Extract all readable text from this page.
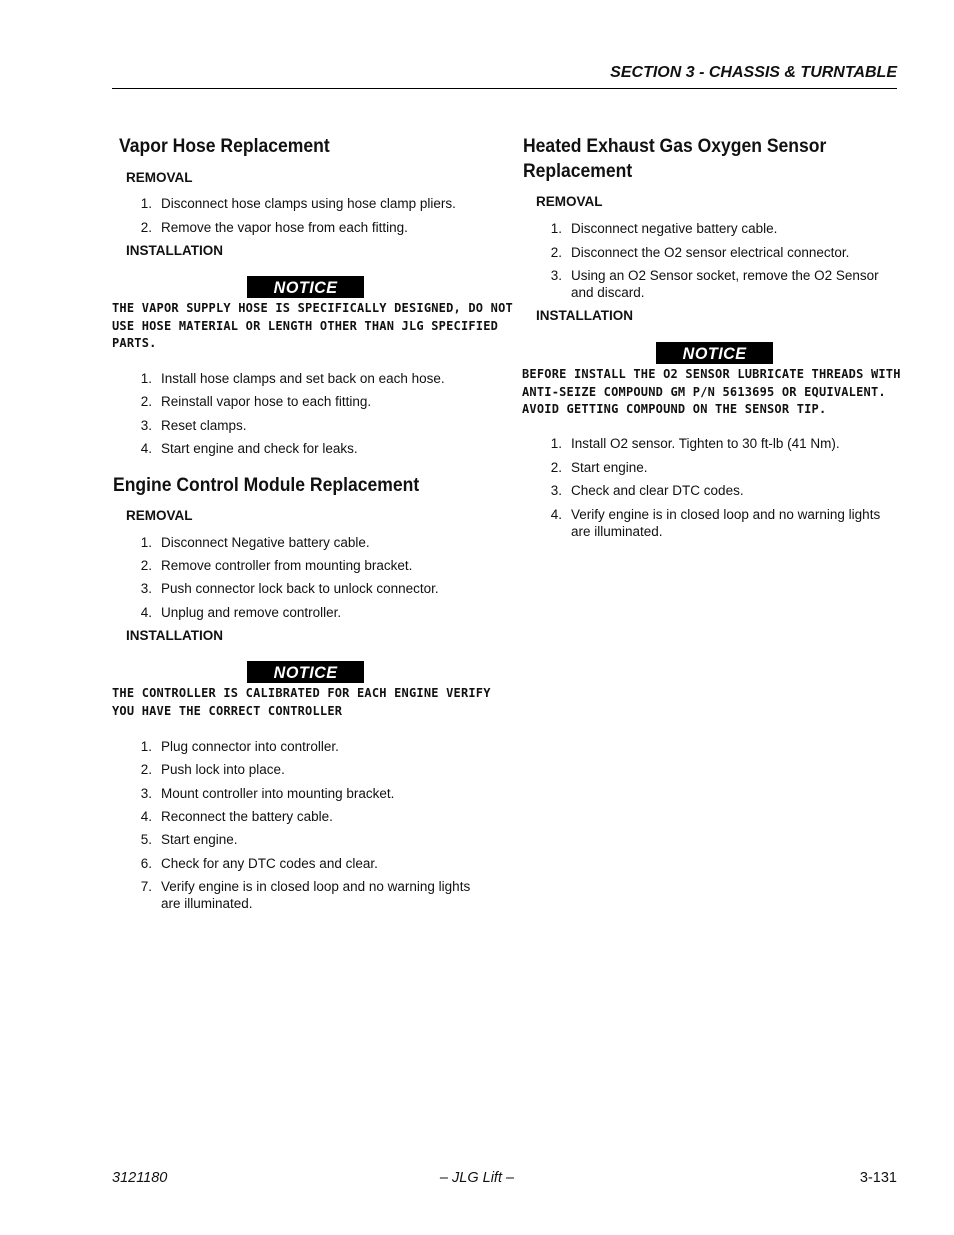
SECTION 3 - CHASSIS & TURNTABLE
Vapor Hose Replacement
REMOVAL
1. Disconnect hose clamps using hose clamp pliers.
2. Remove the vapor hose from each fitting.
INSTALLATION
NOTICE
THE VAPOR SUPPLY HOSE IS SPECIFICALLY DESIGNED, DO NOT
USE HOSE MATERIAL OR LENGTH OTHER THAN JLG SPECIFIED
PARTS.
1. Install hose clamps and set back on each hose.
2. Reinstall vapor hose to each fitting.
3. Reset clamps.
4. Start engine and check for leaks.
Engine Control Module Replacement
REMOVAL
1. Disconnect Negative battery cable.
2. Remove controller from mounting bracket.
3. Push connector lock back to unlock connector.
4. Unplug and remove controller.
INSTALLATION
NOTICE
THE CONTROLLER IS CALIBRATED FOR EACH ENGINE VERIFY
YOU HAVE THE CORRECT CONTROLLER
1. Plug connector into controller.
2. Push lock into place.
3. Mount controller into mounting bracket.
4. Reconnect the battery cable.
5. Start engine.
6. Check for any DTC codes and clear.
7. Verify engine is in closed loop and no warning lights
are illuminated.
Heated Exhaust Gas Oxygen Sensor
Replacement
REMOVAL
1. Disconnect negative battery cable.
2. Disconnect the O2 sensor electrical connector.
3. Using an O2 Sensor socket, remove the O2 Sensor
and discard.
INSTALLATION
NOTICE
BEFORE INSTALL THE O2 SENSOR LUBRICATE THREADS WITH
ANTI-SEIZE COMPOUND GM P/N 5613695 OR EQUIVALENT.
AVOID GETTING COMPOUND ON THE SENSOR TIP.
1. Install O2 sensor. Tighten to 30 ft-lb (41 Nm).
2. Start engine.
3. Check and clear DTC codes.
4. Verify engine is in closed loop and no warning lights
are illuminated.
3121180	– JLG Lift –	3-131
